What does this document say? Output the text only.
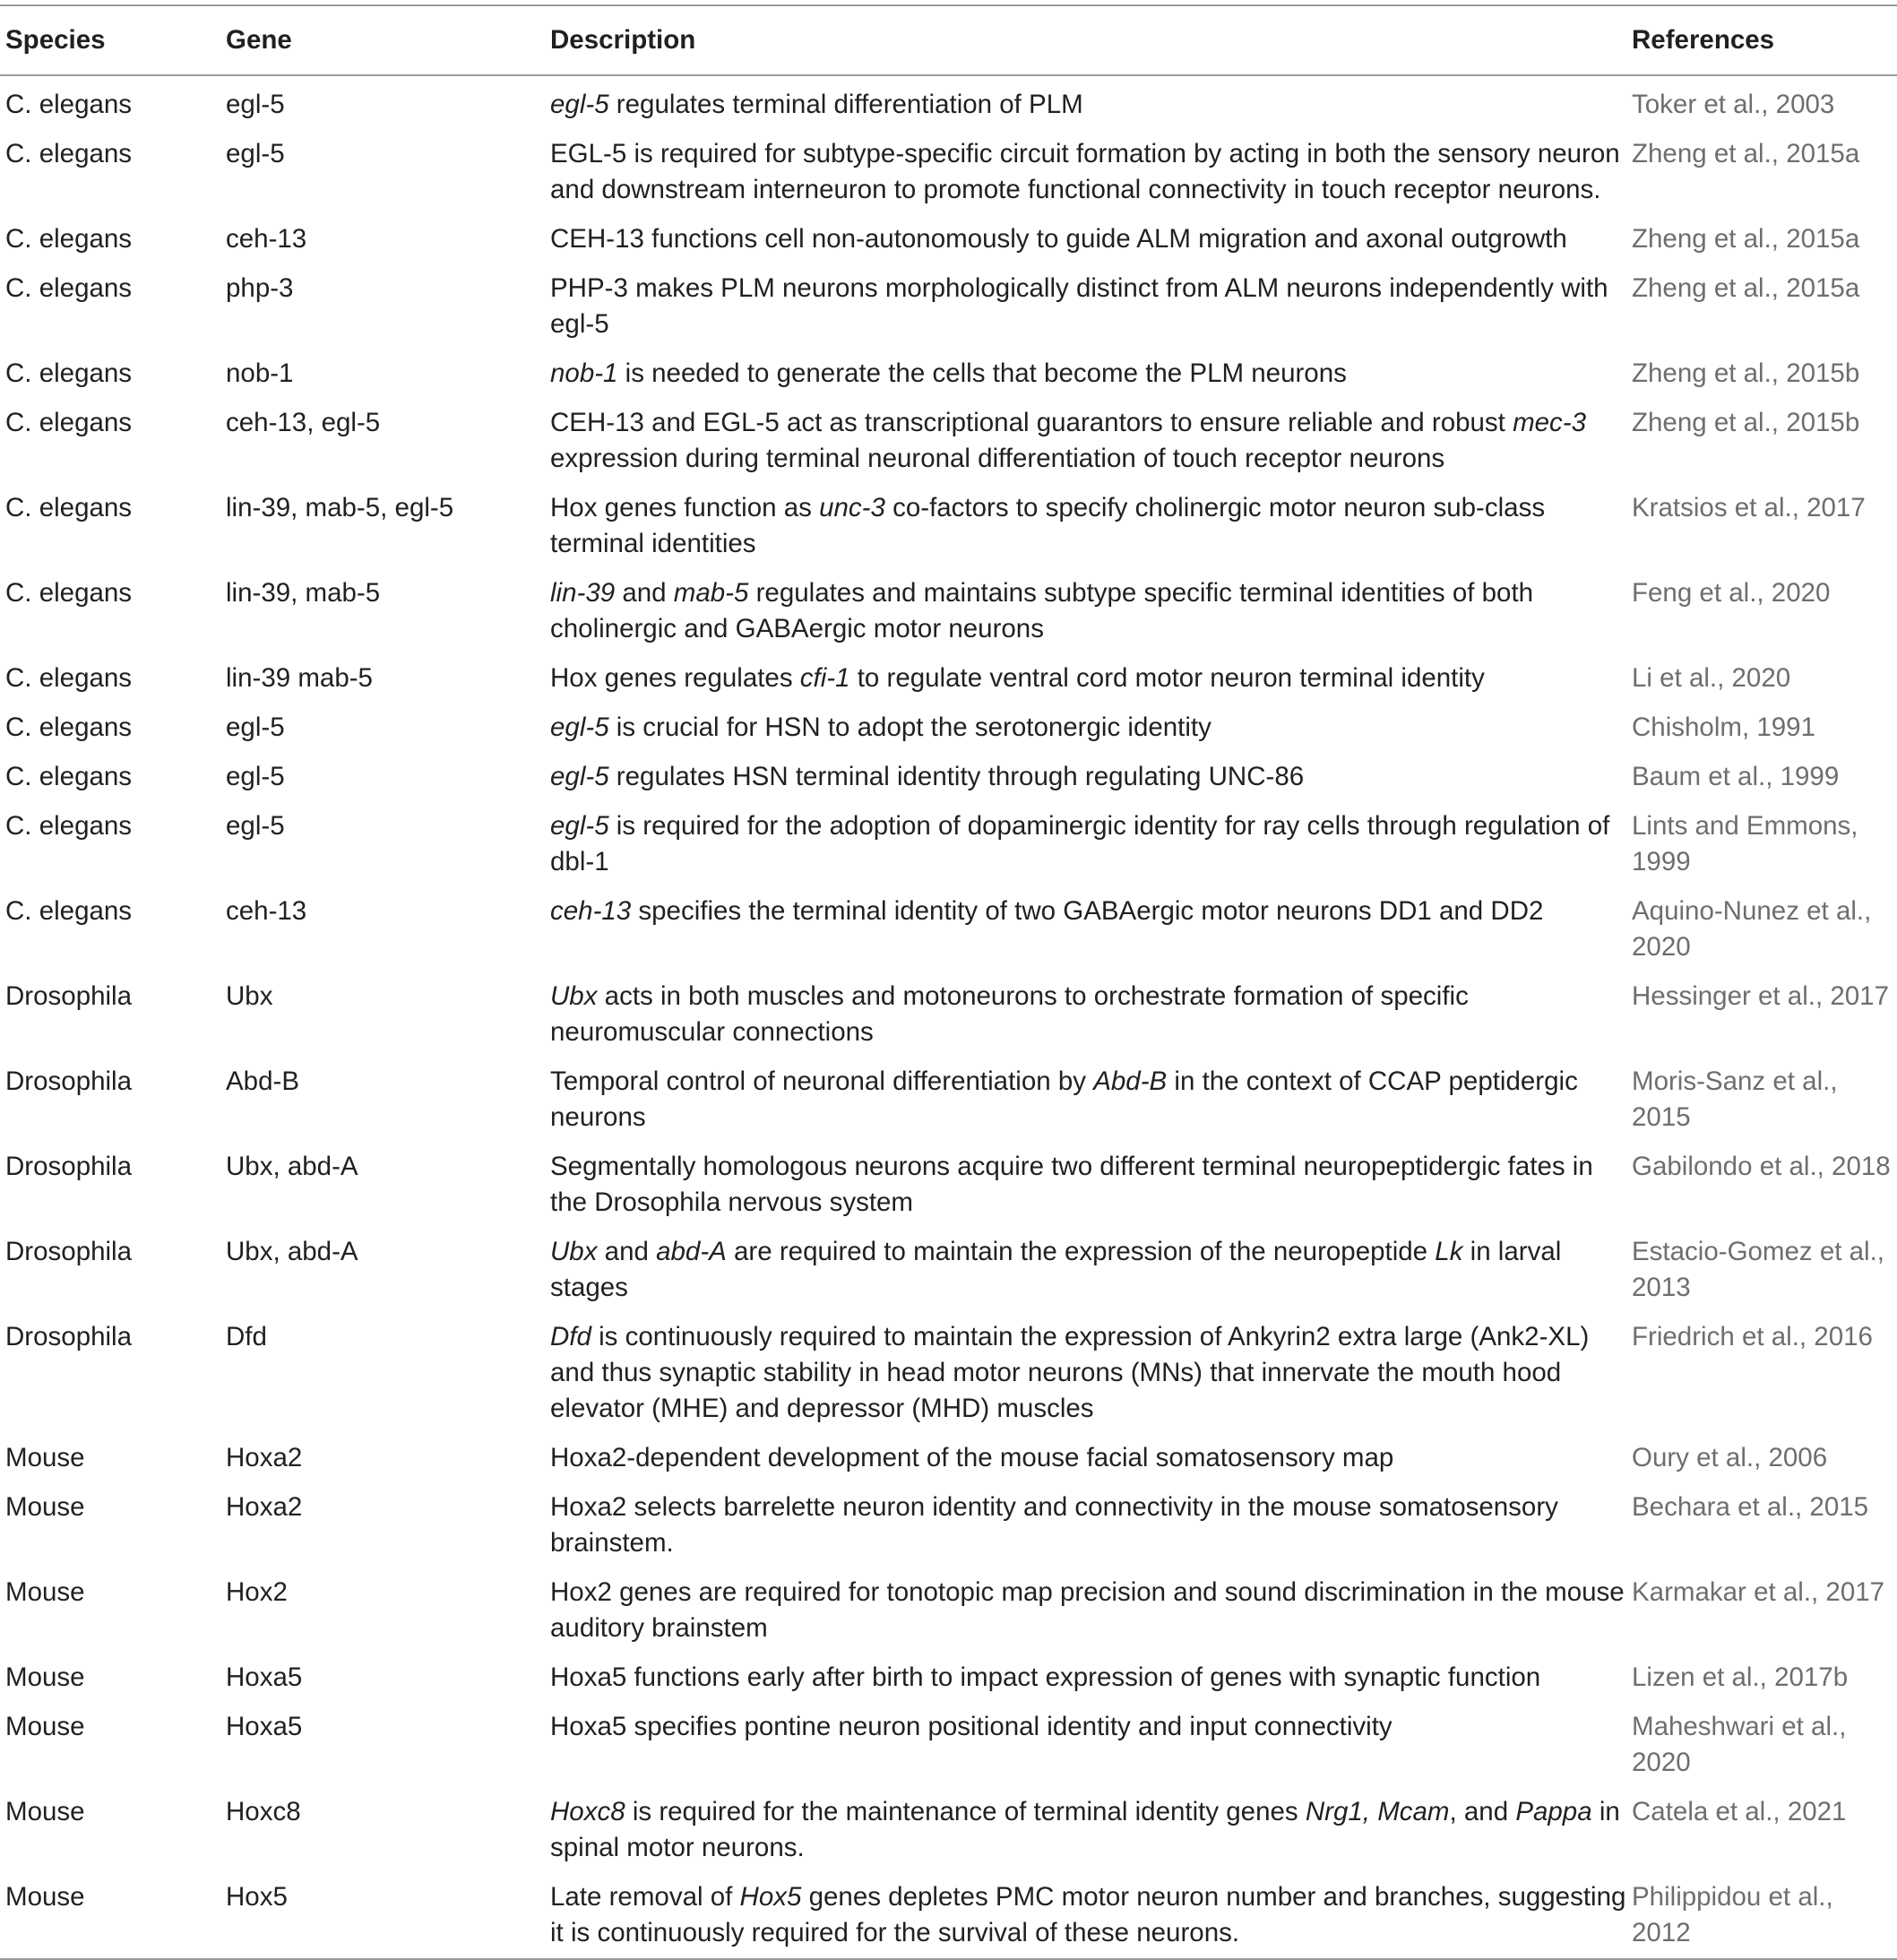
Species	Gene	Description	References
C. elegans	egl-5	egl-5 regulates terminal differentiation of PLM	Toker et al., 2003
C. elegans	egl-5	EGL-5 is required for subtype-specific circuit formation by acting in both the sensory neuron and downstream interneuron to promote functional connectivity in touch receptor neurons.	Zheng et al., 2015a
C. elegans	ceh-13	CEH-13 functions cell non-autonomously to guide ALM migration and axonal outgrowth	Zheng et al., 2015a
C. elegans	php-3	PHP-3 makes PLM neurons morphologically distinct from ALM neurons independently with egl-5	Zheng et al., 2015a
C. elegans	nob-1	nob-1 is needed to generate the cells that become the PLM neurons	Zheng et al., 2015b
C. elegans	ceh-13, egl-5	CEH-13 and EGL-5 act as transcriptional guarantors to ensure reliable and robust mec-3 expression during terminal neuronal differentiation of touch receptor neurons	Zheng et al., 2015b
C. elegans	lin-39, mab-5, egl-5	Hox genes function as unc-3 co-factors to specify cholinergic motor neuron sub-class terminal identities	Kratsios et al., 2017
C. elegans	lin-39, mab-5	lin-39 and mab-5 regulates and maintains subtype specific terminal identities of both cholinergic and GABAergic motor neurons	Feng et al., 2020
C. elegans	lin-39 mab-5	Hox genes regulates cfi-1 to regulate ventral cord motor neuron terminal identity	Li et al., 2020
C. elegans	egl-5	egl-5 is crucial for HSN to adopt the serotonergic identity	Chisholm, 1991
C. elegans	egl-5	egl-5 regulates HSN terminal identity through regulating UNC-86	Baum et al., 1999
C. elegans	egl-5	egl-5 is required for the adoption of dopaminergic identity for ray cells through regulation of dbl-1	Lints and Emmons, 1999
C. elegans	ceh-13	ceh-13 specifies the terminal identity of two GABAergic motor neurons DD1 and DD2	Aquino-Nunez et al., 2020
Drosophila	Ubx	Ubx acts in both muscles and motoneurons to orchestrate formation of specific neuromuscular connections	Hessinger et al., 2017
Drosophila	Abd-B	Temporal control of neuronal differentiation by Abd-B in the context of CCAP peptidergic neurons	Moris-Sanz et al., 2015
Drosophila	Ubx, abd-A	Segmentally homologous neurons acquire two different terminal neuropeptidergic fates in the Drosophila nervous system	Gabilondo et al., 2018
Drosophila	Ubx, abd-A	Ubx and abd-A are required to maintain the expression of the neuropeptide Lk in larval stages	Estacio-Gomez et al., 2013
Drosophila	Dfd	Dfd is continuously required to maintain the expression of Ankyrin2 extra large (Ank2-XL) and thus synaptic stability in head motor neurons (MNs) that innervate the mouth hood elevator (MHE) and depressor (MHD) muscles	Friedrich et al., 2016
Mouse	Hoxa2	Hoxa2-dependent development of the mouse facial somatosensory map	Oury et al., 2006
Mouse	Hoxa2	Hoxa2 selects barrelette neuron identity and connectivity in the mouse somatosensory brainstem.	Bechara et al., 2015
Mouse	Hox2	Hox2 genes are required for tonotopic map precision and sound discrimination in the mouse auditory brainstem	Karmakar et al., 2017
Mouse	Hoxa5	Hoxa5 functions early after birth to impact expression of genes with synaptic function	Lizen et al., 2017b
Mouse	Hoxa5	Hoxa5 specifies pontine neuron positional identity and input connectivity	Maheshwari et al., 2020
Mouse	Hoxc8	Hoxc8 is required for the maintenance of terminal identity genes Nrg1, Mcam, and Pappa in spinal motor neurons.	Catela et al., 2021
Mouse	Hox5	Late removal of Hox5 genes depletes PMC motor neuron number and branches, suggesting it is continuously required for the survival of these neurons.	Philippidou et al., 2012
